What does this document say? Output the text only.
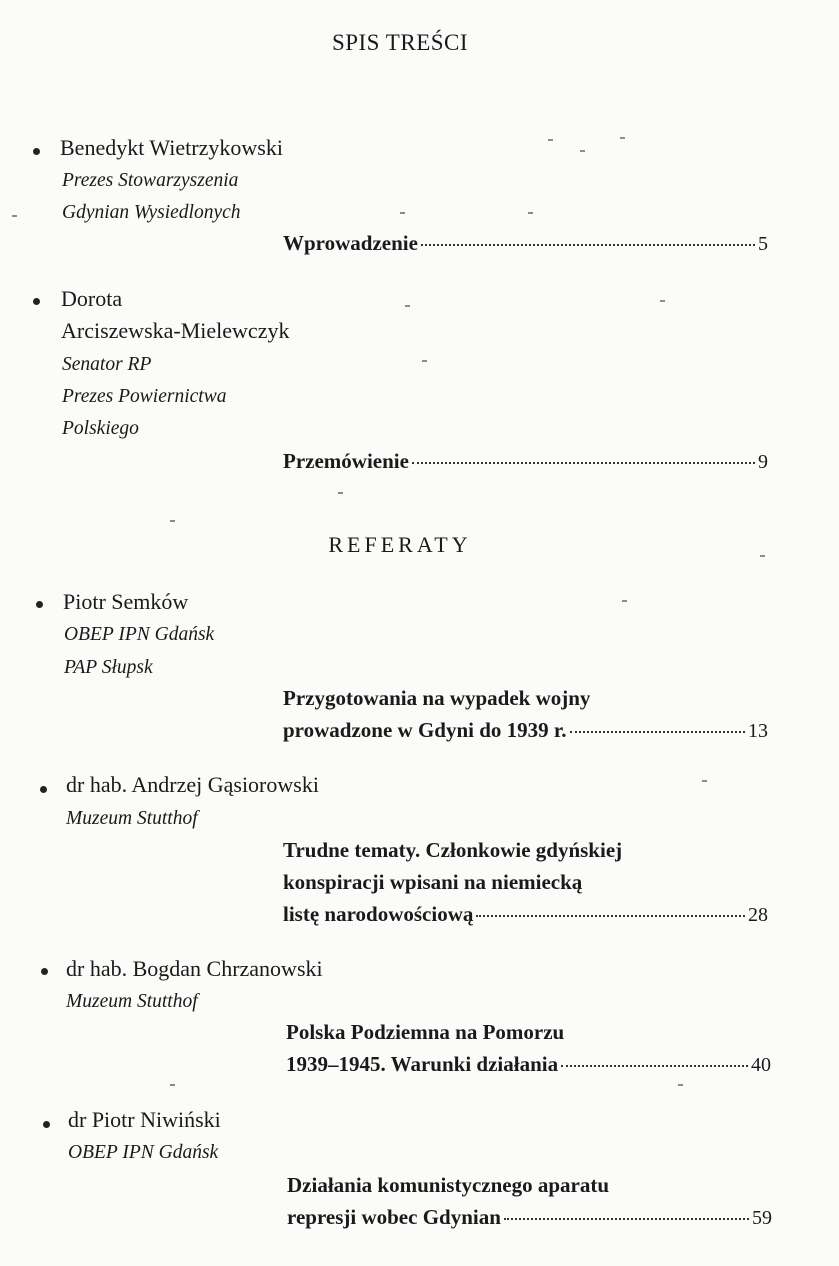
SPIS TREŚCI
Benedykt Wietrzykowski
Prezes Stowarzyszenia
Gdynian Wysiedlonych
Wprowadzenie	5
Dorota
Arciszewska-Mielewczyk
Senator RP
Prezes Powiernictwa
Polskiego
Przemówienie	9
REFERATY
Piotr Semków
OBEP IPN Gdańsk
PAP Słupsk
Przygotowania na wypadek wojny
prowadzone w Gdyni do 1939 r.	13
dr hab. Andrzej Gąsiorowski
Muzeum Stutthof
Trudne tematy. Członkowie gdyńskiej
konspiracji wpisani na niemiecką
listę narodowościową	28
dr hab. Bogdan Chrzanowski
Muzeum Stutthof
Polska Podziemna na Pomorzu
1939–1945. Warunki działania	40
dr Piotr Niwiński
OBEP IPN Gdańsk
Działania komunistycznego aparatu
represji wobec Gdynian	59
